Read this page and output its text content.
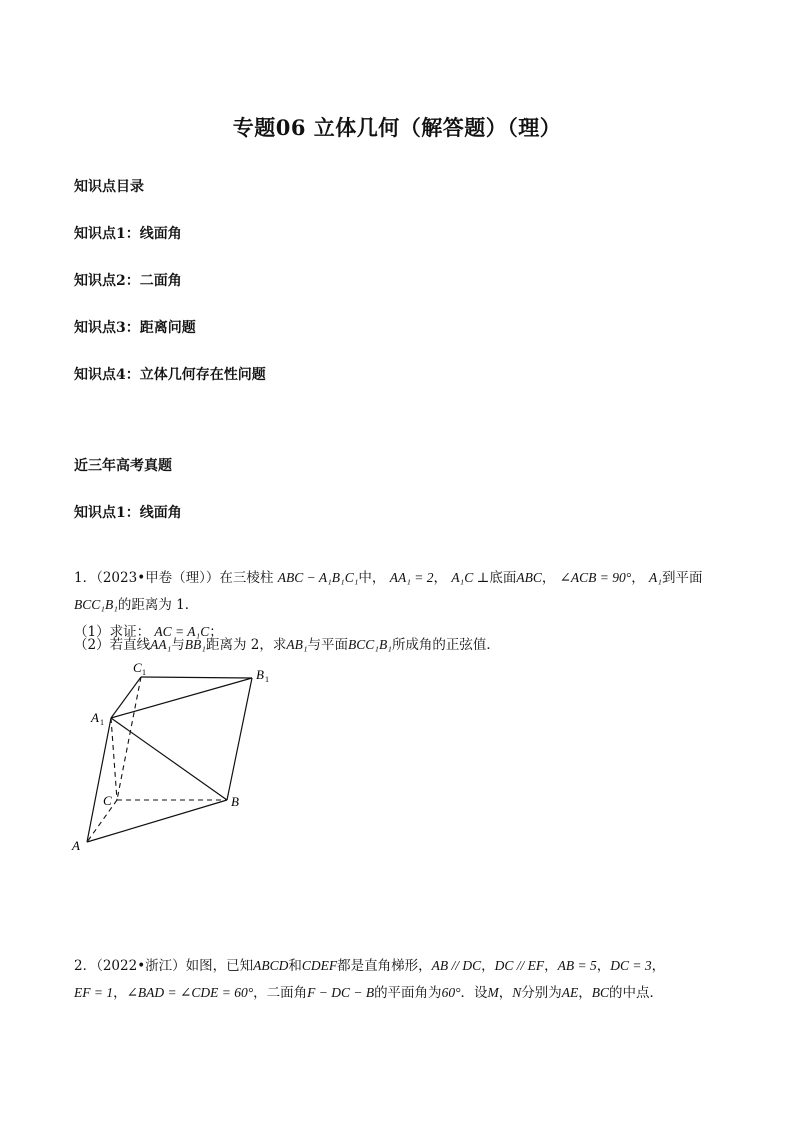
专题06 立体几何（解答题）（理）
知识点目录
知识点1：线面角
知识点2：二面角
知识点3：距离问题
知识点4：立体几何存在性问题
近三年高考真题
知识点1：线面角
1．（2023•甲卷（理））在三棱柱 ABC − A₁B₁C₁中， AA₁ = 2， A₁C ⊥底面ABC， ∠ACB = 90°， A₁到平面
BCC₁B₁的距离为 1．
（1）求证： AC = A₁C；
（2）若直线AA₁与BB₁距离为 2，求AB₁与平面BCC₁B₁所成角的正弦值．
C 1	B 1
A 1
C	B
A
2．（2022•浙江）如图，已知ABCD和CDEF都是直角梯形，AB // DC，DC // EF，AB = 5，DC = 3，
EF = 1，∠BAD = ∠CDE = 60°，二面角F − DC − B的平面角为60°．设M，N分别为AE，BC的中点．
